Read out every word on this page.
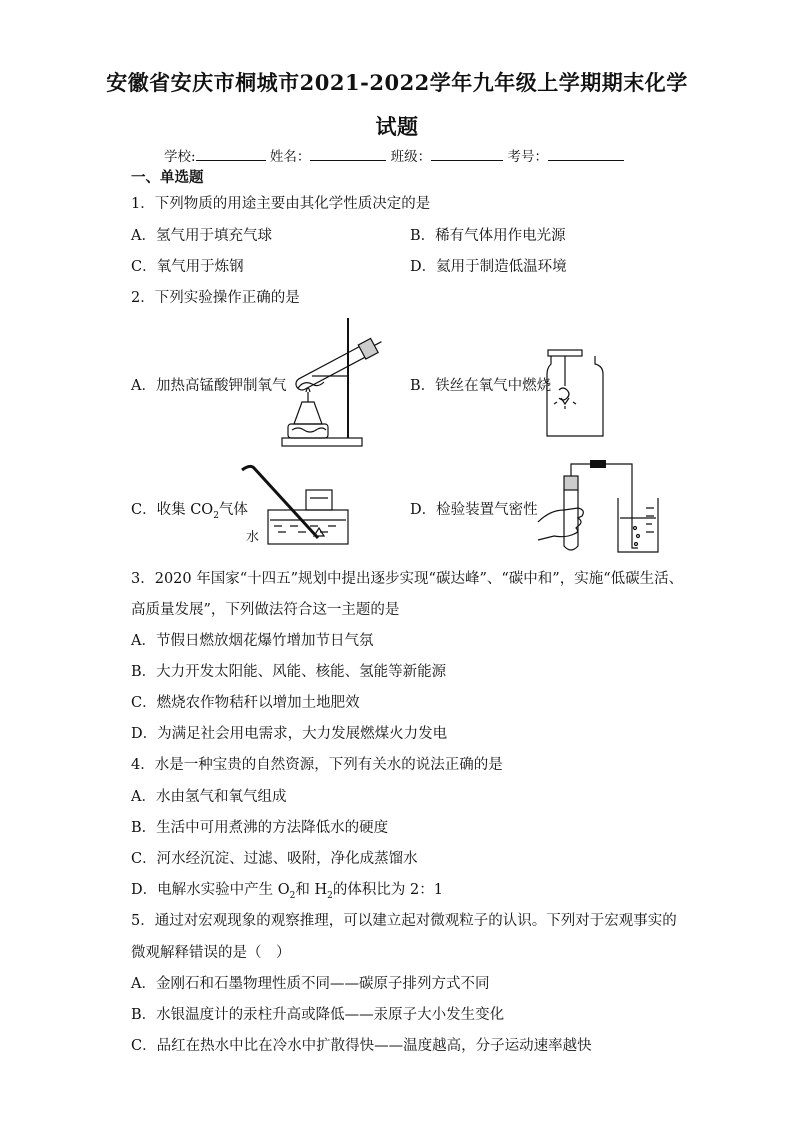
安徽省安庆市桐城市2021-2022学年九年级上学期期末化学
试题
学校:	姓名：	班级：	考号：
一、单选题
1．下列物质的用途主要由其化学性质决定的是
A．氢气用于填充气球	B．稀有气体用作电光源
C．氧气用于炼钢	D．氦用于制造低温环境
2．下列实验操作正确的是
A．加热高锰酸钾制氧气	B．铁丝在氧气中燃烧
C．收集 $CO_2$气体	D．检验装置气密性
水
3．2020 年国家“十四五”规划中提出逐步实现“碳达峰”、“碳中和”，实施“低碳生活、
高质量发展”，下列做法符合这一主题的是
A．节假日燃放烟花爆竹增加节日气氛
B．大力开发太阳能、风能、核能、氢能等新能源
C．燃烧农作物秸秆以增加土地肥效
D．为满足社会用电需求，大力发展燃煤火力发电
4．水是一种宝贵的自然资源，下列有关水的说法正确的是
A．水由氢气和氧气组成
B．生活中可用煮沸的方法降低水的硬度
C．河水经沉淀、过滤、吸附，净化成蒸馏水
D．电解水实验中产生 $O_2$和 $H_2$的体积比为 2：1
5．通过对宏观现象的观察推理，可以建立起对微观粒子的认识。下列对于宏观事实的
微观解释错误的是（　）
A．金刚石和石墨物理性质不同——碳原子排列方式不同
B．水银温度计的汞柱升高或降低——汞原子大小发生变化
C．品红在热水中比在冷水中扩散得快——温度越高，分子运动速率越快
